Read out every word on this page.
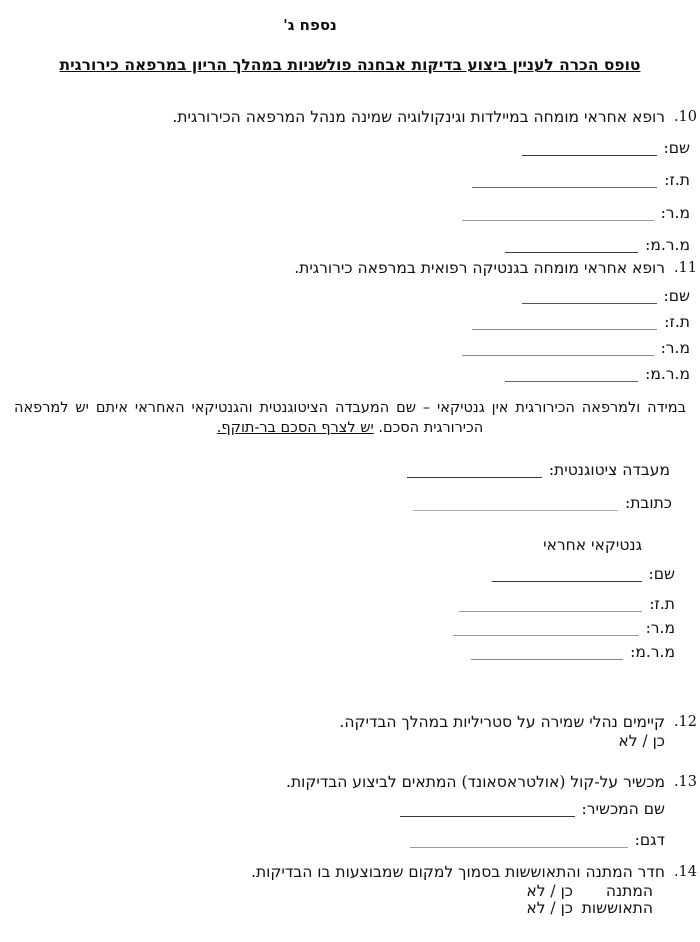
נספח ג'
טופס הכרה לעניין ביצוע בדיקות אבחנה פולשניות במהלך הריון במרפאה כירורגית
10.
רופא אחראי מומחה במיילדות וגינקולוגיה שמינה מנהל המרפאה הכירורגית.
שם:
ת.ז:
מ.ר:
מ.ר.מ:
11.
רופא אחראי מומחה בגנטיקה רפואית במרפאה כירורגית.
שם:
ת.ז:
מ.ר:
מ.ר.מ:
במידה ולמרפאה הכירורגית אין גנטיקאי – שם המעבדה הציטוגנטית והגנטיקאי האחראי איתם יש למרפאה
הכירורגית הסכם. יש לצרף הסכם בר-תוקף.
מעבדה ציטוגנטית:
כתובת:
גנטיקאי אחראי
שם:
ת.ז:
מ.ר:
מ.ר.מ:
12.
קיימים נהלי שמירה על סטריליות במהלך הבדיקה.
כן / לא
13.
מכשיר על-קול (אולטראסאונד) המתאים לביצוע הבדיקות.
שם המכשיר:
דגם:
14.
חדר המתנה והתאוששות בסמוך למקום שמבוצעות בו הבדיקות.
המתנהכן / לא
התאוששותכן / לא
